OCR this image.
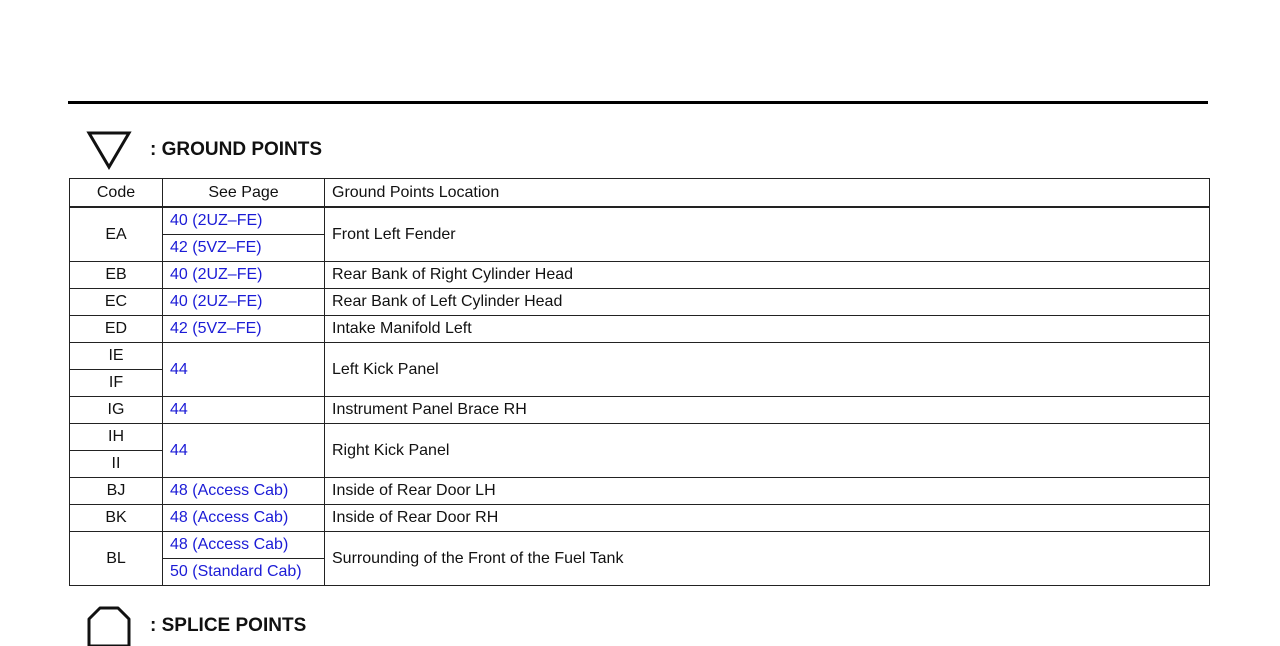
: GROUND POINTS
Code	See Page	Ground Points Location
EA	40 (2UZ–FE)	Front Left Fender
	42 (5VZ–FE)	
EB	40 (2UZ–FE)	Rear Bank of Right Cylinder Head
EC	40 (2UZ–FE)	Rear Bank of Left Cylinder Head
ED	42 (5VZ–FE)	Intake Manifold Left
IE	44	Left Kick Panel
IF		
IG	44	Instrument Panel Brace RH
IH	44	Right Kick Panel
II		
BJ	48 (Access Cab)	Inside of Rear Door LH
BK	48 (Access Cab)	Inside of Rear Door RH
BL	48 (Access Cab)	Surrounding of the Front of the Fuel Tank
	50 (Standard Cab)	
: SPLICE POINTS
